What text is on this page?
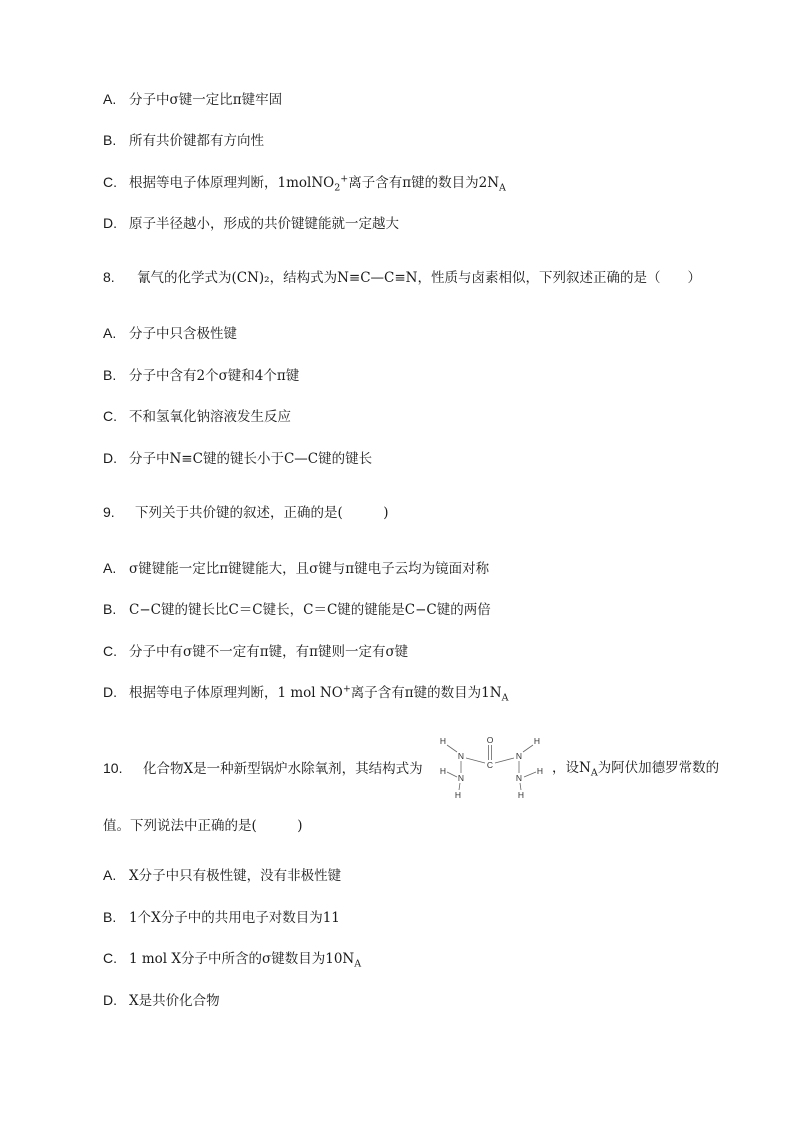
A. 分子中σ键一定比π键牢固
B. 所有共价键都有方向性
C. 根据等电子体原理判断，1molNO$_2$+离子含有π键的数目为$2N_A$
D. 原子半径越小，形成的共价键键能就一定越大
8. 氰气的化学式为(CN)₂，结构式为N≡C—C≡N，性质与卤素相似，下列叙述正确的是（　　）
A. 分子中只含极性键
B. 分子中含有2个σ键和4个π键
C. 不和氢氧化钠溶液发生反应
D. 分子中N≡C键的键长小于C—C键的键长
9. 下列关于共价键的叙述，正确的是(　　　)
A. σ键键能一定比π键键能大，且σ键与π键电子云均为镜面对称
B. C−C键的键长比C＝C键长，C＝C键的键能是C−C键的两倍
C. 分子中有σ键不一定有π键，有π键则一定有σ键
D. 根据等电子体原理判断，1 mol NO+离子含有π键的数目为$1N_A$
10. 化合物X是一种新型锅炉水除氧剂，其结构式为
O
C
N	N
N	N
H	H
H	H
H	H
，设$N_A$为阿伏加德罗常数的
值。下列说法中正确的是(　　　)
A. X分子中只有极性键，没有非极性键
B. 1个X分子中的共用电子对数目为11
C. 1 mol X分子中所含的σ键数目为$10N_A$
D. X是共价化合物
